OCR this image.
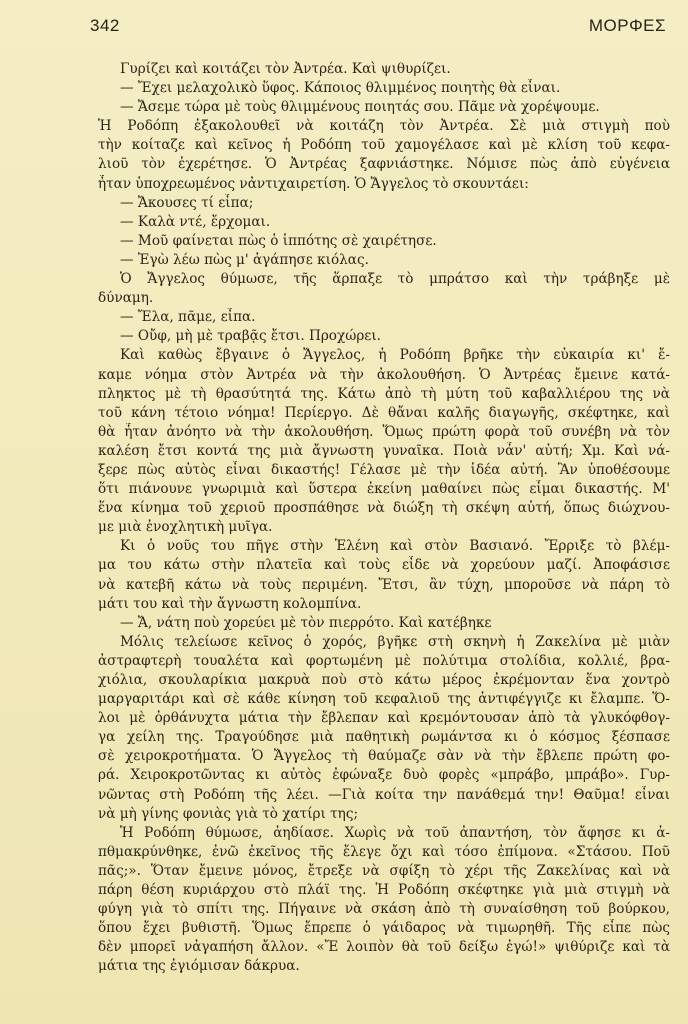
342	ΜΟΡΦΕΣ
Γυρίζει καὶ κοιτάζει τὸν Ἀντρέα. Καὶ ψιθυρίζει.
— Ἔχει μελαχολικὸ ὕφος. Κάποιος θλιμμένος ποιητὴς θὰ εἶναι.
— Ἄσεμε τώρα μὲ τοὺς θλιμμένους ποιητάς σου. Πᾶμε νὰ χορέψουμε.
Ἡ Ροδόπη ἐξακολουθεῖ νὰ κοιτάζη τὸν Ἀντρέα. Σὲ μιὰ στιγμὴ ποὺ
τὴν κοίταζε καὶ κεῖνος ἡ Ροδόπη τοῦ χαμογέλασε καὶ μὲ κλίση τοῦ κεφα-
λιοῦ τὸν ἐχερέτησε. Ὁ Ἀντρέας ξαφνιάστηκε. Νόμισε πὼς ἀπὸ εὐγένεια
ἦταν ὑποχρεωμένος νἀντιχαιρετίση. Ὁ Ἄγγελος τὸ σκουντάει:
— Ἄκουσες τί εἶπα;
— Καλὰ ντέ, ἔρχομαι.
— Μοῦ φαίνεται πὼς ὁ ἱππότης σὲ χαιρέτησε.
— Ἐγὼ λέω πὼς μ' ἀγάπησε κιόλας.
Ὁ Ἄγγελος θύμωσε, τῆς ἅρπαξε τὸ μπράτσο καὶ τὴν τράβηξε μὲ
δύναμη.
— Ἔλα, πᾶμε, εἶπα.
— Οὔφ, μὴ μὲ τραβᾷς ἔτσι. Προχώρει.
Καὶ καθὼς ἔβγαινε ὁ Ἄγγελος, ἡ Ροδόπη βρῆκε τὴν εὐκαιρία κι' ἔ-
καμε νόημα στὸν Ἀντρέα νὰ τὴν ἀκολουθήση. Ὁ Ἀντρέας ἔμεινε κατά-
πληκτος μὲ τὴ θρασύτητά της. Κάτω ἀπὸ τὴ μύτη τοῦ καβαλλιέρου της νὰ
τοῦ κάνη τέτοιο νόημα! Περίεργο. Δὲ θἄναι καλῆς διαγωγῆς, σκέφτηκε, καὶ
θὰ ἦταν ἀνόητο νὰ τὴν ἀκολουθήση. Ὅμως πρώτη φορὰ τοῦ συνέβη νὰ τὸν
καλέση ἔτσι κοντά της μιὰ ἄγνωστη γυναῖκα. Ποιὰ νἆν' αὐτή; Χμ. Καὶ νά-
ξερε πὼς αὐτὸς εἶναι δικαστής! Γέλασε μὲ τὴν ἰδέα αὐτή. Ἂν ὑποθέσουμε
ὅτι πιάνουνε γνωριμιὰ καὶ ὕστερα ἐκείνη μαθαίνει πὼς εἶμαι δικαστής. Μ'
ἕνα κίνημα τοῦ χεριοῦ προσπάθησε νὰ διώξη τὴ σκέψη αὐτή, ὅπως διώχνου-
με μιὰ ἐνοχλητικὴ μυῖγα.
Κι ὁ νοῦς του πῆγε στὴν Ἑλένη καὶ στὸν Βασιανό. Ἔρριξε τὸ βλέμ-
μα του κάτω στὴν πλατεῖα καὶ τοὺς εἶδε νὰ χορεύουν μαζί. Ἀποφάσισε
νὰ κατεβῆ κάτω νὰ τοὺς περιμένη. Ἔτσι, ἂν τύχη, μποροῦσε νὰ πάρη τὸ
μάτι του καὶ τὴν ἄγνωστη κολομπίνα.
— Ἄ, νάτη ποὺ χορεύει μὲ τὸν πιερρότο. Καὶ κατέβηκε
Μόλις τελείωσε κεῖνος ὁ χορός, βγῆκε στὴ σκηνὴ ἡ Ζακελίνα μὲ μιὰν
ἀστραφτερὴ τουαλέτα καὶ φορτωμένη μὲ πολύτιμα στολίδια, κολλιέ, βρα-
χιόλια, σκουλαρίκια μακρυὰ ποὺ στὸ κάτω μέρος ἐκρέμονταν ἕνα χοντρὸ
μαργαριτάρι καὶ σὲ κάθε κίνηση τοῦ κεφαλιοῦ της ἀντιφέγγιζε κι ἔλαμπε. Ὅ-
λοι μὲ ὀρθάνυχτα μάτια τὴν ἔβλεπαν καὶ κρεμόντουσαν ἀπὸ τὰ γλυκόφθογ-
γα χείλη της. Τραγούδησε μιὰ παθητικὴ ρωμάντσα κι ὁ κόσμος ξέσπασε
σὲ χειροκροτήματα. Ὁ Ἄγγελος τὴ θαύμαζε σὰν νὰ τὴν ἔβλεπε πρώτη φο-
ρά. Χειροκροτῶντας κι αὐτὸς ἐφώναξε δυὸ φορὲς «μπράβο, μπράβο». Γυρ-
νῶντας στὴ Ροδόπη τῆς λέει. —Γιὰ κοίτα την πανάθεμά την! Θαῦμα! εἶναι
νὰ μὴ γίνης φονιὰς γιὰ τὸ χατίρι της;
Ἡ Ροδόπη θύμωσε, ἀηδίασε. Χωρὶς νὰ τοῦ ἀπαντήση, τὸν ἄφησε κι ἀ-
πθμακρύνθηκε, ἐνῶ ἐκεῖνος τῆς ἔλεγε ὄχι καὶ τόσο ἐπίμονα. «Στάσου. Ποῦ
πᾶς;». Ὅταν ἔμεινε μόνος, ἔτρεξε νὰ σφίξη τὸ χέρι τῆς Ζακελίνας καὶ νὰ
πάρη θέση κυριάρχου στὸ πλάϊ της. Ἡ Ροδόπη σκέφτηκε γιὰ μιὰ στιγμὴ νὰ
φύγη γιὰ τὸ σπίτι της. Πήγαινε νὰ σκάση ἀπὸ τὴ συναίσθηση τοῦ βούρκου,
ὅπου ἔχει βυθιστῆ. Ὅμως ἔπρεπε ὁ γάιδαρος νὰ τιμωρηθῆ. Τῆς εἶπε πὼς
δὲν μπορεῖ νἀγαπήση ἄλλον. «Ἔ λοιπὸν θὰ τοῦ δείξω ἐγώ!» ψιθύριζε καὶ τὰ
μάτια της ἐγιόμισαν δάκρυα.
